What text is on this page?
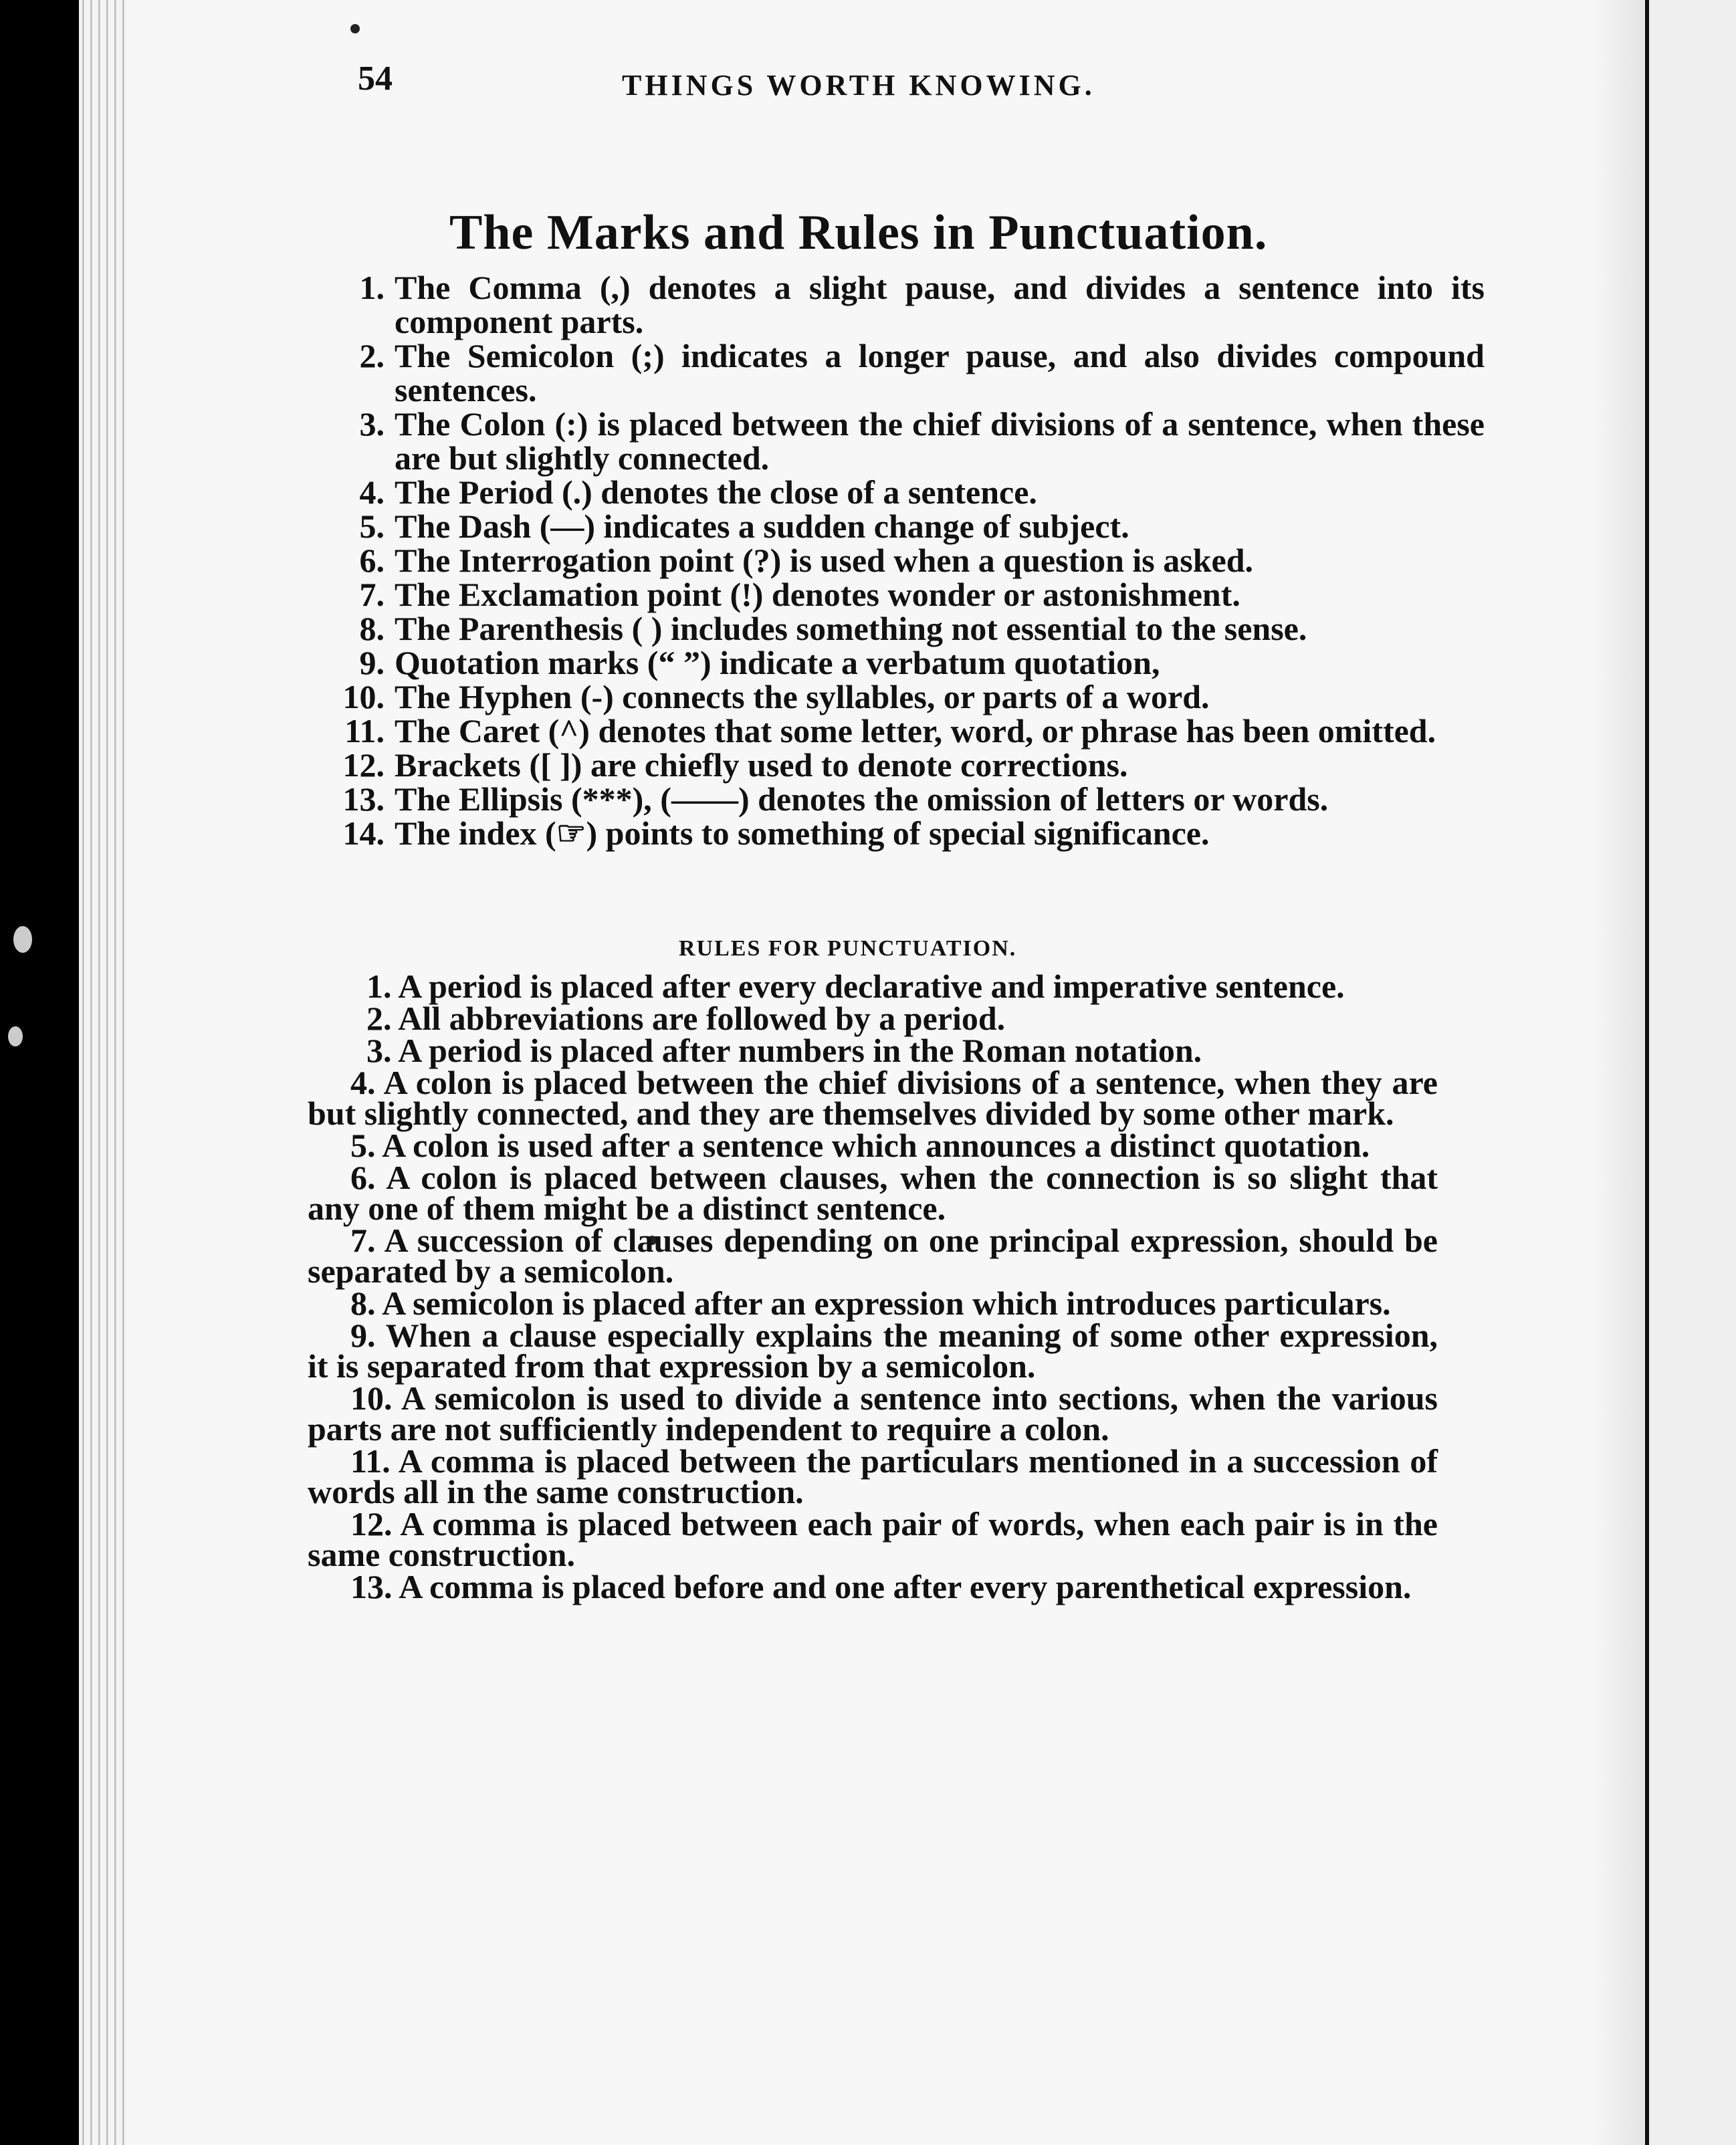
54	THINGS WORTH KNOWING.
The Marks and Rules in Punctuation.
1. The Comma (,) denotes a slight pause, and divides a sentence into its component parts.
2. The Semicolon (;) indicates a longer pause, and also divides compound sentences.
3. The Colon (:) is placed between the chief divisions of a sentence, when these are but slightly connected.
4. The Period (.) denotes the close of a sentence.
5. The Dash (—) indicates a sudden change of subject.
6. The Interrogation point (?) is used when a question is asked.
7. The Exclamation point (!) denotes wonder or astonishment.
8. The Parenthesis ( ) includes something not essential to the sense.
9. Quotation marks (“ ”) indicate a verbatum quotation,
10. The Hyphen (-) connects the syllables, or parts of a word.
11. The Caret (^) denotes that some letter, word, or phrase has been omitted.
12. Brackets ([ ]) are chiefly used to denote corrections.
13. The Ellipsis (***), (——) denotes the omission of letters or words.
14. The index (☞) points to something of special significance.
RULES FOR PUNCTUATION.
1. A period is placed after every declarative and imperative sentence.
2. All abbreviations are followed by a period.
3. A period is placed after numbers in the Roman notation.
4. A colon is placed between the chief divisions of a sentence, when they are but slightly connected, and they are themselves divided by some other mark.
5. A colon is used after a sentence which announces a distinct quotation.
6. A colon is placed between clauses, when the connection is so slight that any one of them might be a distinct sentence.
7. A succession of clauses depending on one principal expression, should be separated by a semicolon.
8. A semicolon is placed after an expression which introduces particulars.
9. When a clause especially explains the meaning of some other expression, it is separated from that expression by a semicolon.
10. A semicolon is used to divide a sentence into sections, when the various parts are not sufficiently independent to require a colon.
11. A comma is placed between the particulars mentioned in a succession of words all in the same construction.
12. A comma is placed between each pair of words, when each pair is in the same construction.
13. A comma is placed before and one after every parenthetical expression.
